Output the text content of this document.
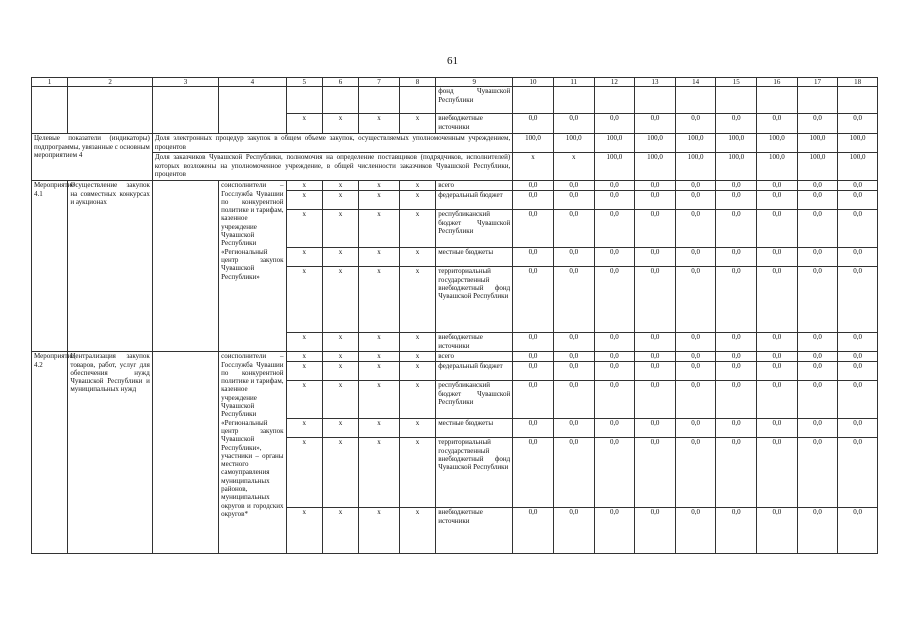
61
1	2	3	4	5	6	7	8	9	10	11	12	13	14	15	16	17	18
								фонд Чувашской Республики									
				x	x	x	x	внебюджетные источники	0,0	0,0	0,0	0,0	0,0	0,0	0,0	0,0	0,0
Целевые показатели (индикаторы) подпрограммы, увязанные с основным мероприятием 4		Доля электронных процедур закупок в общем объеме закупок, осуществляемых уполномоченным учреждением, процентов							100,0	100,0	100,0	100,0	100,0	100,0	100,0	100,0	100,0
		Доля заказчиков Чувашской Республики, полномочия на определение поставщиков (подрядчиков, исполнителей) которых возложены на уполномоченное учреждение, в общей численности заказчиков Чувашской Республики, процентов							x	x	100,0	100,0	100,0	100,0	100,0	100,0	100,0
Мероприятие 4.1	Осуществление закупок на совместных конкурсах и аукционах		соисполнители – Госслужба Чувашии по конкурентной политике и тарифам, казенное учреждение Чувашской Республики «Региональный центр закупок Чувашской Республики»	x	x	x	x	всего	0,0	0,0	0,0	0,0	0,0	0,0	0,0	0,0	0,0
				x	x	x	x	федеральный бюджет	0,0	0,0	0,0	0,0	0,0	0,0	0,0	0,0	0,0
				x	x	x	x	республиканский бюджет Чувашской Республики	0,0	0,0	0,0	0,0	0,0	0,0	0,0	0,0	0,0
				x	x	x	x	местные бюджеты	0,0	0,0	0,0	0,0	0,0	0,0	0,0	0,0	0,0
				x	x	x	x	территориальный государственный внебюджетный фонд Чувашской Республики	0,0	0,0	0,0	0,0	0,0	0,0	0,0	0,0	0,0
				x	x	x	x	внебюджетные источники	0,0	0,0	0,0	0,0	0,0	0,0	0,0	0,0	0,0
Мероприятие 4.2	Централизация закупок товаров, работ, услуг для обеспечения нужд Чувашской Республики и муниципальных нужд		соисполнители – Госслужба Чувашии по конкурентной политике и тарифам, казенное учреждение Чувашской Республики «Региональный центр закупок Чувашской Республики», участники – органы местного самоуправления муниципальных районов, муниципальных округов и городских округов*	x	x	x	x	всего	0,0	0,0	0,0	0,0	0,0	0,0	0,0	0,0	0,0
				x	x	x	x	федеральный бюджет	0,0	0,0	0,0	0,0	0,0	0,0	0,0	0,0	0,0
				x	x	x	x	республиканский бюджет Чувашской Республики	0,0	0,0	0,0	0,0	0,0	0,0	0,0	0,0	0,0
				x	x	x	x	местные бюджеты	0,0	0,0	0,0	0,0	0,0	0,0	0,0	0,0	0,0
				x	x	x	x	территориальный государственный внебюджетный фонд Чувашской Республики	0,0	0,0	0,0	0,0	0,0	0,0	0,0	0,0	0,0
				x	x	x	x	внебюджетные источники	0,0	0,0	0,0	0,0	0,0	0,0	0,0	0,0	0,0
